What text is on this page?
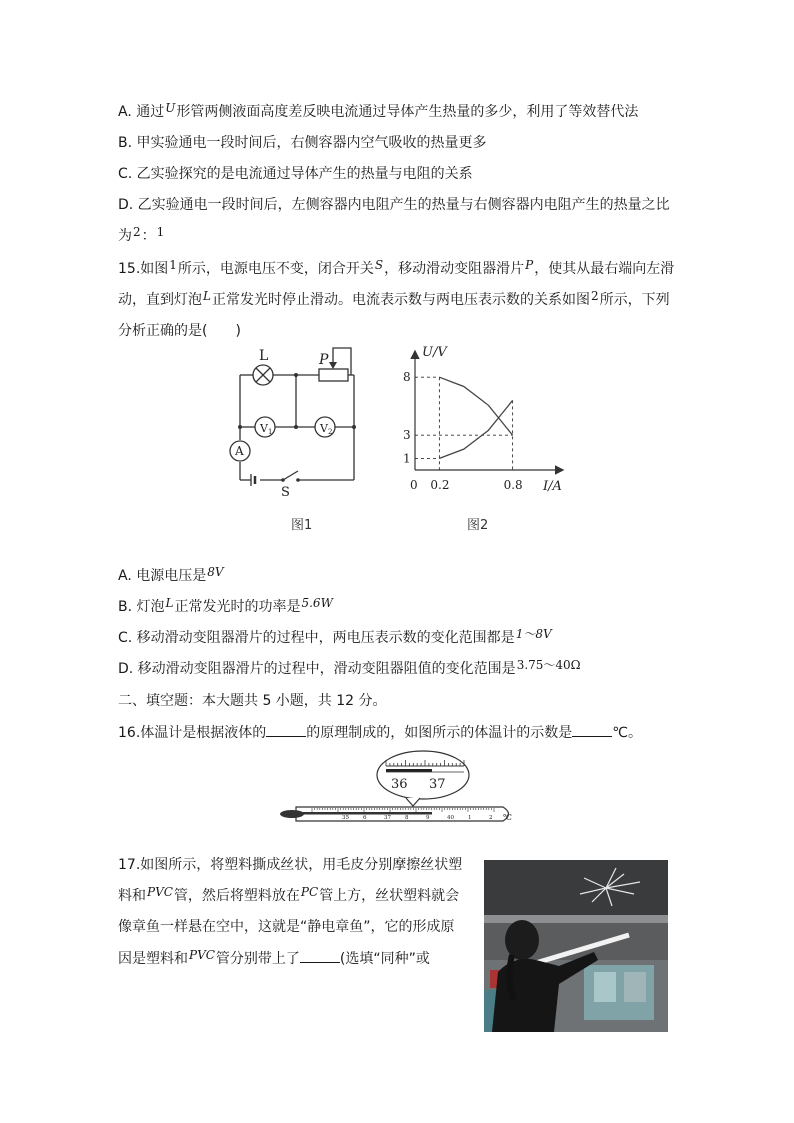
A. 通过U形管两侧液面高度差反映电流通过导体产生热量的多少，利用了等效替代法
B. 甲实验通电一段时间后，右侧容器内空气吸收的热量更多
C. 乙实验探究的是电流通过导体产生的热量与电阻的关系
D. 乙实验通电一段时间后，左侧容器内电阻产生的热量与右侧容器内电阻产生的热量之比
为2：1
15.如图1所示，电源电压不变，闭合开关S，移动滑动变阻器滑片P，使其从最右端向左滑
动，直到灯泡L正常发光时停止滑动。电流表示数与两电压表示数的关系如图2所示，下列
分析正确的是(　　)
L	P
V1	V2
A
S
图1
8
3
1
0.2	0.8
U/V
I/A
0
图2
A. 电源电压是8V
B. 灯泡L正常发光时的功率是5.6W
C. 移动滑动变阻器滑片的过程中，两电压表示数的变化范围都是1～8V
D. 移动滑动变阻器滑片的过程中，滑动变阻器阻值的变化范围是3.75～40Ω
二、填空题：本大题共 5 小题，共 12 分。
16.体温计是根据液体的	的原理制成的，如图所示的体温计的示数是	℃。
36 37
35	6	37	8	9	40	1	2 ℃
17.如图所示，将塑料撕成丝状，用毛皮分别摩擦丝状塑
料和PVC管，然后将塑料放在PC管上方，丝状塑料就会
像章鱼一样悬在空中，这就是“静电章鱼”，它的形成原
因是塑料和PVC管分别带上了	(选填“同种”或
